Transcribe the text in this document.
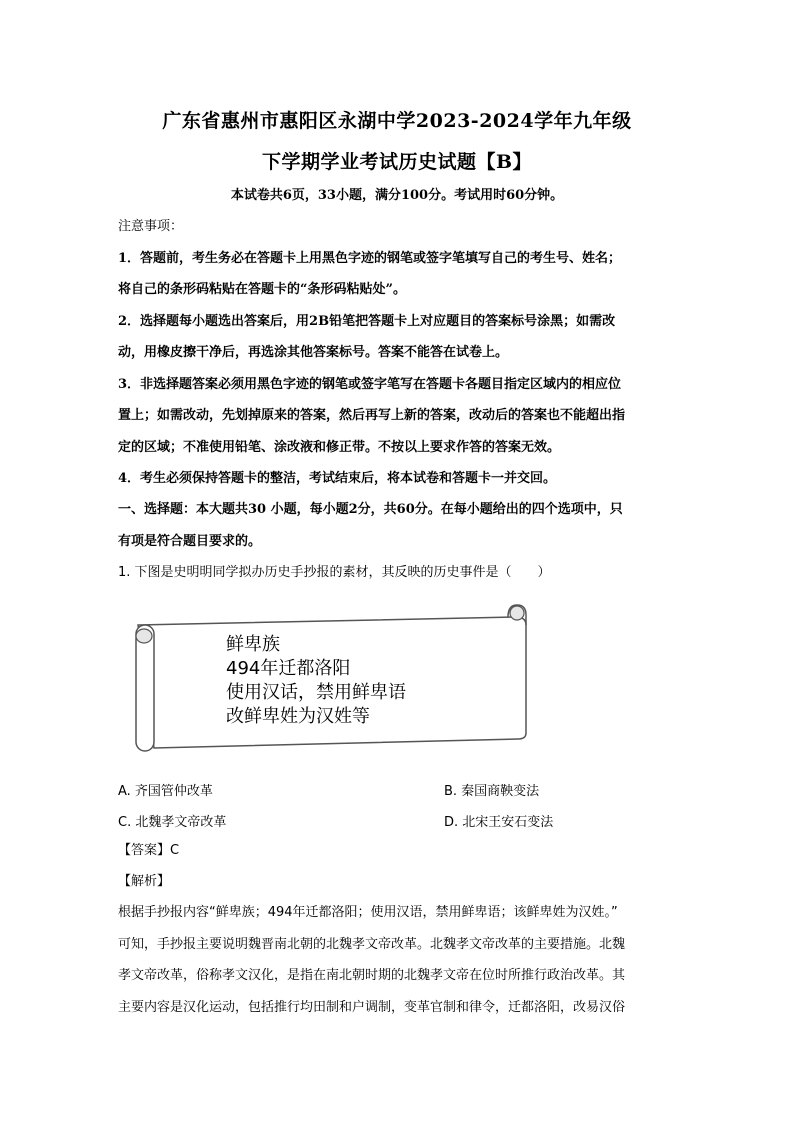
广东省惠州市惠阳区永湖中学2023-2024学年九年级
下学期学业考试历史试题【B】
本试卷共6页，33小题，满分100分。考试用时60分钟。
注意事项：
1．答题前，考生务必在答题卡上用黑色字迹的钢笔或签字笔填写自己的考生号、姓名；
将自己的条形码粘贴在答题卡的“条形码粘贴处”。
2．选择题每小题选出答案后，用2B铅笔把答题卡上对应题目的答案标号涂黑；如需改
动，用橡皮擦干净后，再选涂其他答案标号。答案不能答在试卷上。
3．非选择题答案必须用黑色字迹的钢笔或签字笔写在答题卡各题目指定区域内的相应位
置上；如需改动，先划掉原来的答案，然后再写上新的答案，改动后的答案也不能超出指
定的区域；不准使用铅笔、涂改液和修正带。不按以上要求作答的答案无效。
4．考生必须保持答题卡的整洁，考试结束后，将本试卷和答题卡一并交回。
一、选择题：本大题共30 小题，每小题2分，共60分。在每小题给出的四个选项中，只
有项是符合题目要求的。
1. 下图是史明明同学拟办历史手抄报的素材，其反映的历史事件是（　　）
鲜卑族
494年迁都洛阳
使用汉话，禁用鲜卑语
改鲜卑姓为汉姓等
A. 齐国管仲改革	B. 秦国商鞅变法
C. 北魏孝文帝改革	D. 北宋王安石变法
【答案】C
【解析】
根据手抄报内容“鲜卑族；494年迁都洛阳；使用汉语，禁用鲜卑语；该鲜卑姓为汉姓。”
可知，手抄报主要说明魏晋南北朝的北魏孝文帝改革。北魏孝文帝改革的主要措施。北魏
孝文帝改革，俗称孝文汉化，是指在南北朝时期的北魏孝文帝在位时所推行政治改革。其
主要内容是汉化运动，包括推行均田制和户调制，变革官制和律令，迁都洛阳，改易汉俗
